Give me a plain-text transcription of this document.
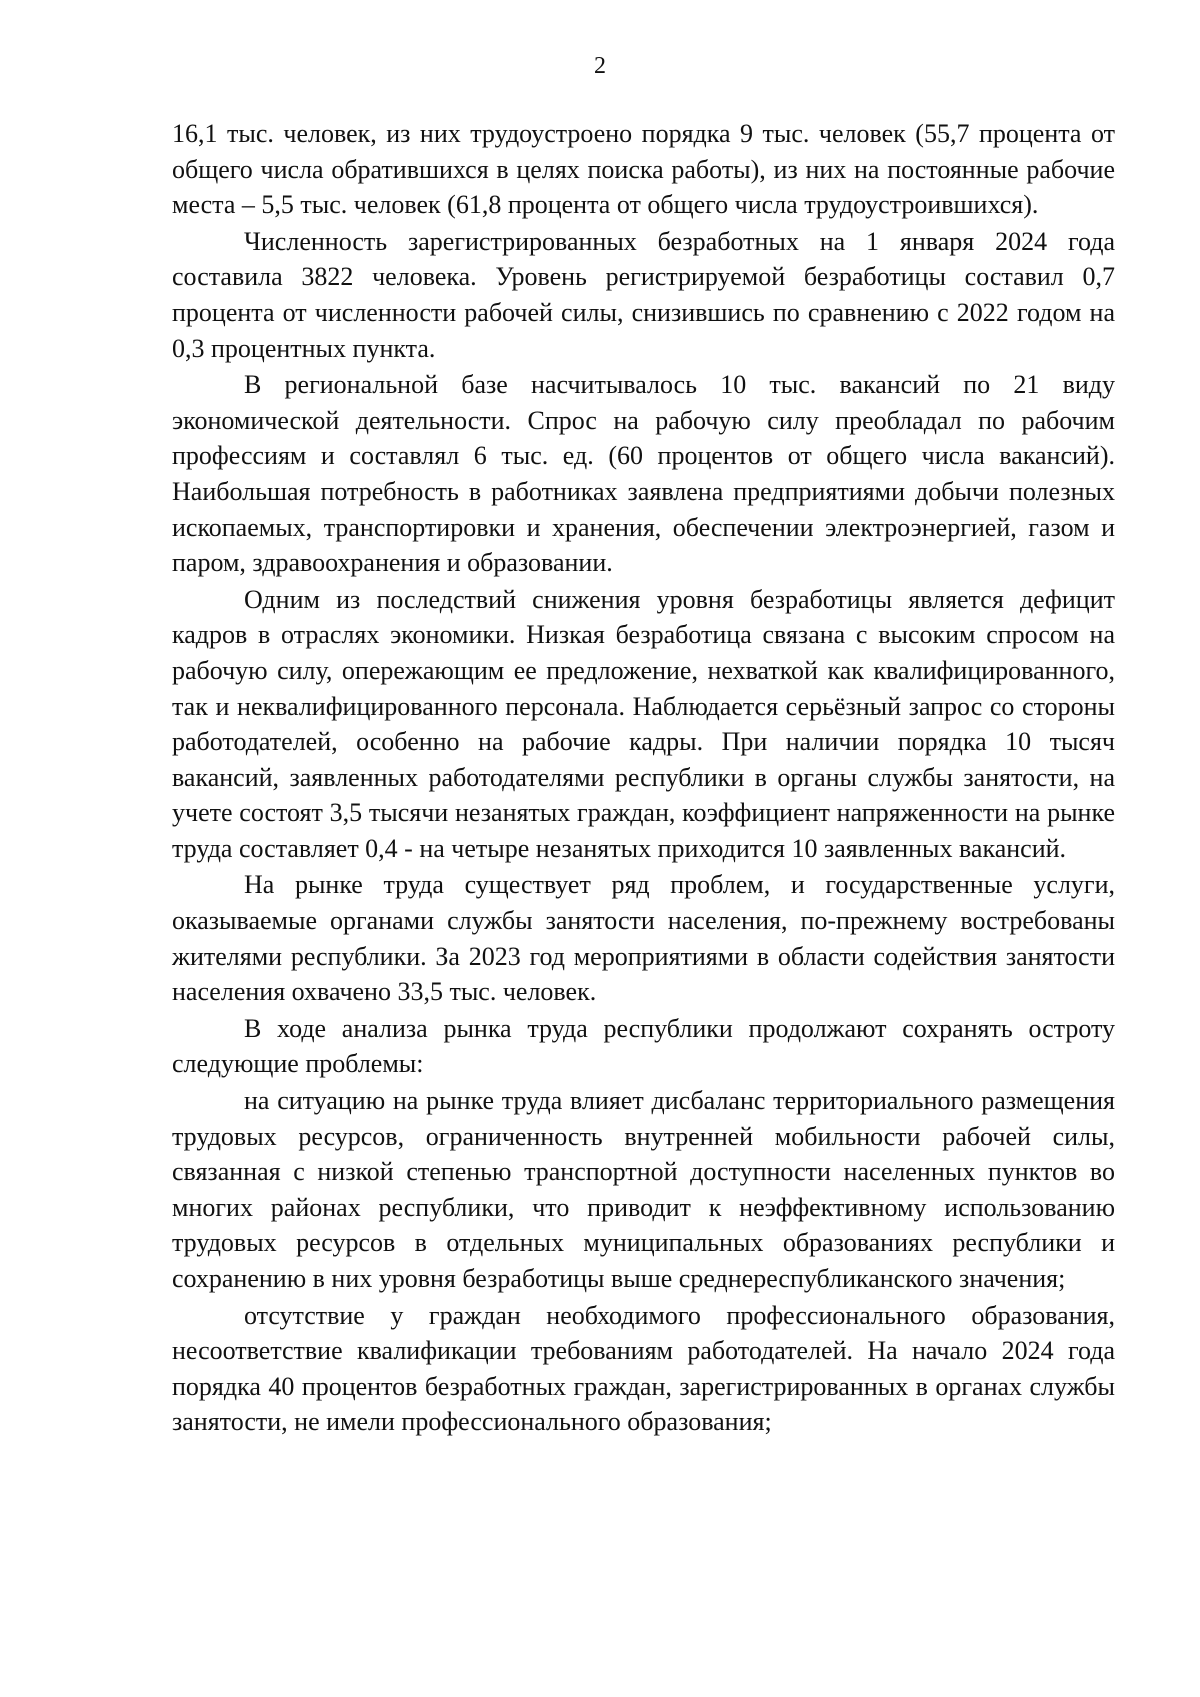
2

16,1 тыс. человек, из них трудоустроено порядка 9 тыс. человек (55,7 процента от общего числа обратившихся в целях поиска работы), из них на постоянные рабочие места – 5,5 тыс. человек (61,8 процента от общего числа трудоустроившихся).

Численность зарегистрированных безработных на 1 января 2024 года составила 3822 человека. Уровень регистрируемой безработицы составил 0,7 процента от численности рабочей силы, снизившись по сравнению с 2022 годом на 0,3 процентных пункта.

В региональной базе насчитывалось 10 тыс. вакансий по 21 виду экономической деятельности. Спрос на рабочую силу преобладал по рабочим профессиям и составлял 6 тыс. ед. (60 процентов от общего числа вакансий). Наибольшая потребность в работниках заявлена предприятиями добычи полезных ископаемых, транспортировки и хранения, обеспечении электроэнергией, газом и паром, здравоохранения и образовании.

Одним из последствий снижения уровня безработицы является дефицит кадров в отраслях экономики. Низкая безработица связана с высоким спросом на рабочую силу, опережающим ее предложение, нехваткой как квалифицированного, так и неквалифицированного персонала. Наблюдается серьёзный запрос со стороны работодателей, особенно на рабочие кадры. При наличии порядка 10 тысяч вакансий, заявленных работодателями республики в органы службы занятости, на учете состоят 3,5 тысячи незанятых граждан, коэффициент напряженности на рынке труда составляет 0,4 - на четыре незанятых приходится 10 заявленных вакансий.

На рынке труда существует ряд проблем, и государственные услуги, оказываемые органами службы занятости населения, по-прежнему востребованы жителями республики. За 2023 год мероприятиями в области содействия занятости населения охвачено 33,5 тыс. человек.

В ходе анализа рынка труда республики продолжают сохранять остроту следующие проблемы:

на ситуацию на рынке труда влияет дисбаланс территориального размещения трудовых ресурсов, ограниченность внутренней мобильности рабочей силы, связанная с низкой степенью транспортной доступности населенных пунктов во многих районах республики, что приводит к неэффективному использованию трудовых ресурсов в отдельных муниципальных образованиях республики и сохранению в них уровня безработицы выше среднереспубликанского значения;

отсутствие у граждан необходимого профессионального образования, несоответствие квалификации требованиям работодателей. На начало 2024 года порядка 40 процентов безработных граждан, зарегистрированных в органах службы занятости, не имели профессионального образования;
